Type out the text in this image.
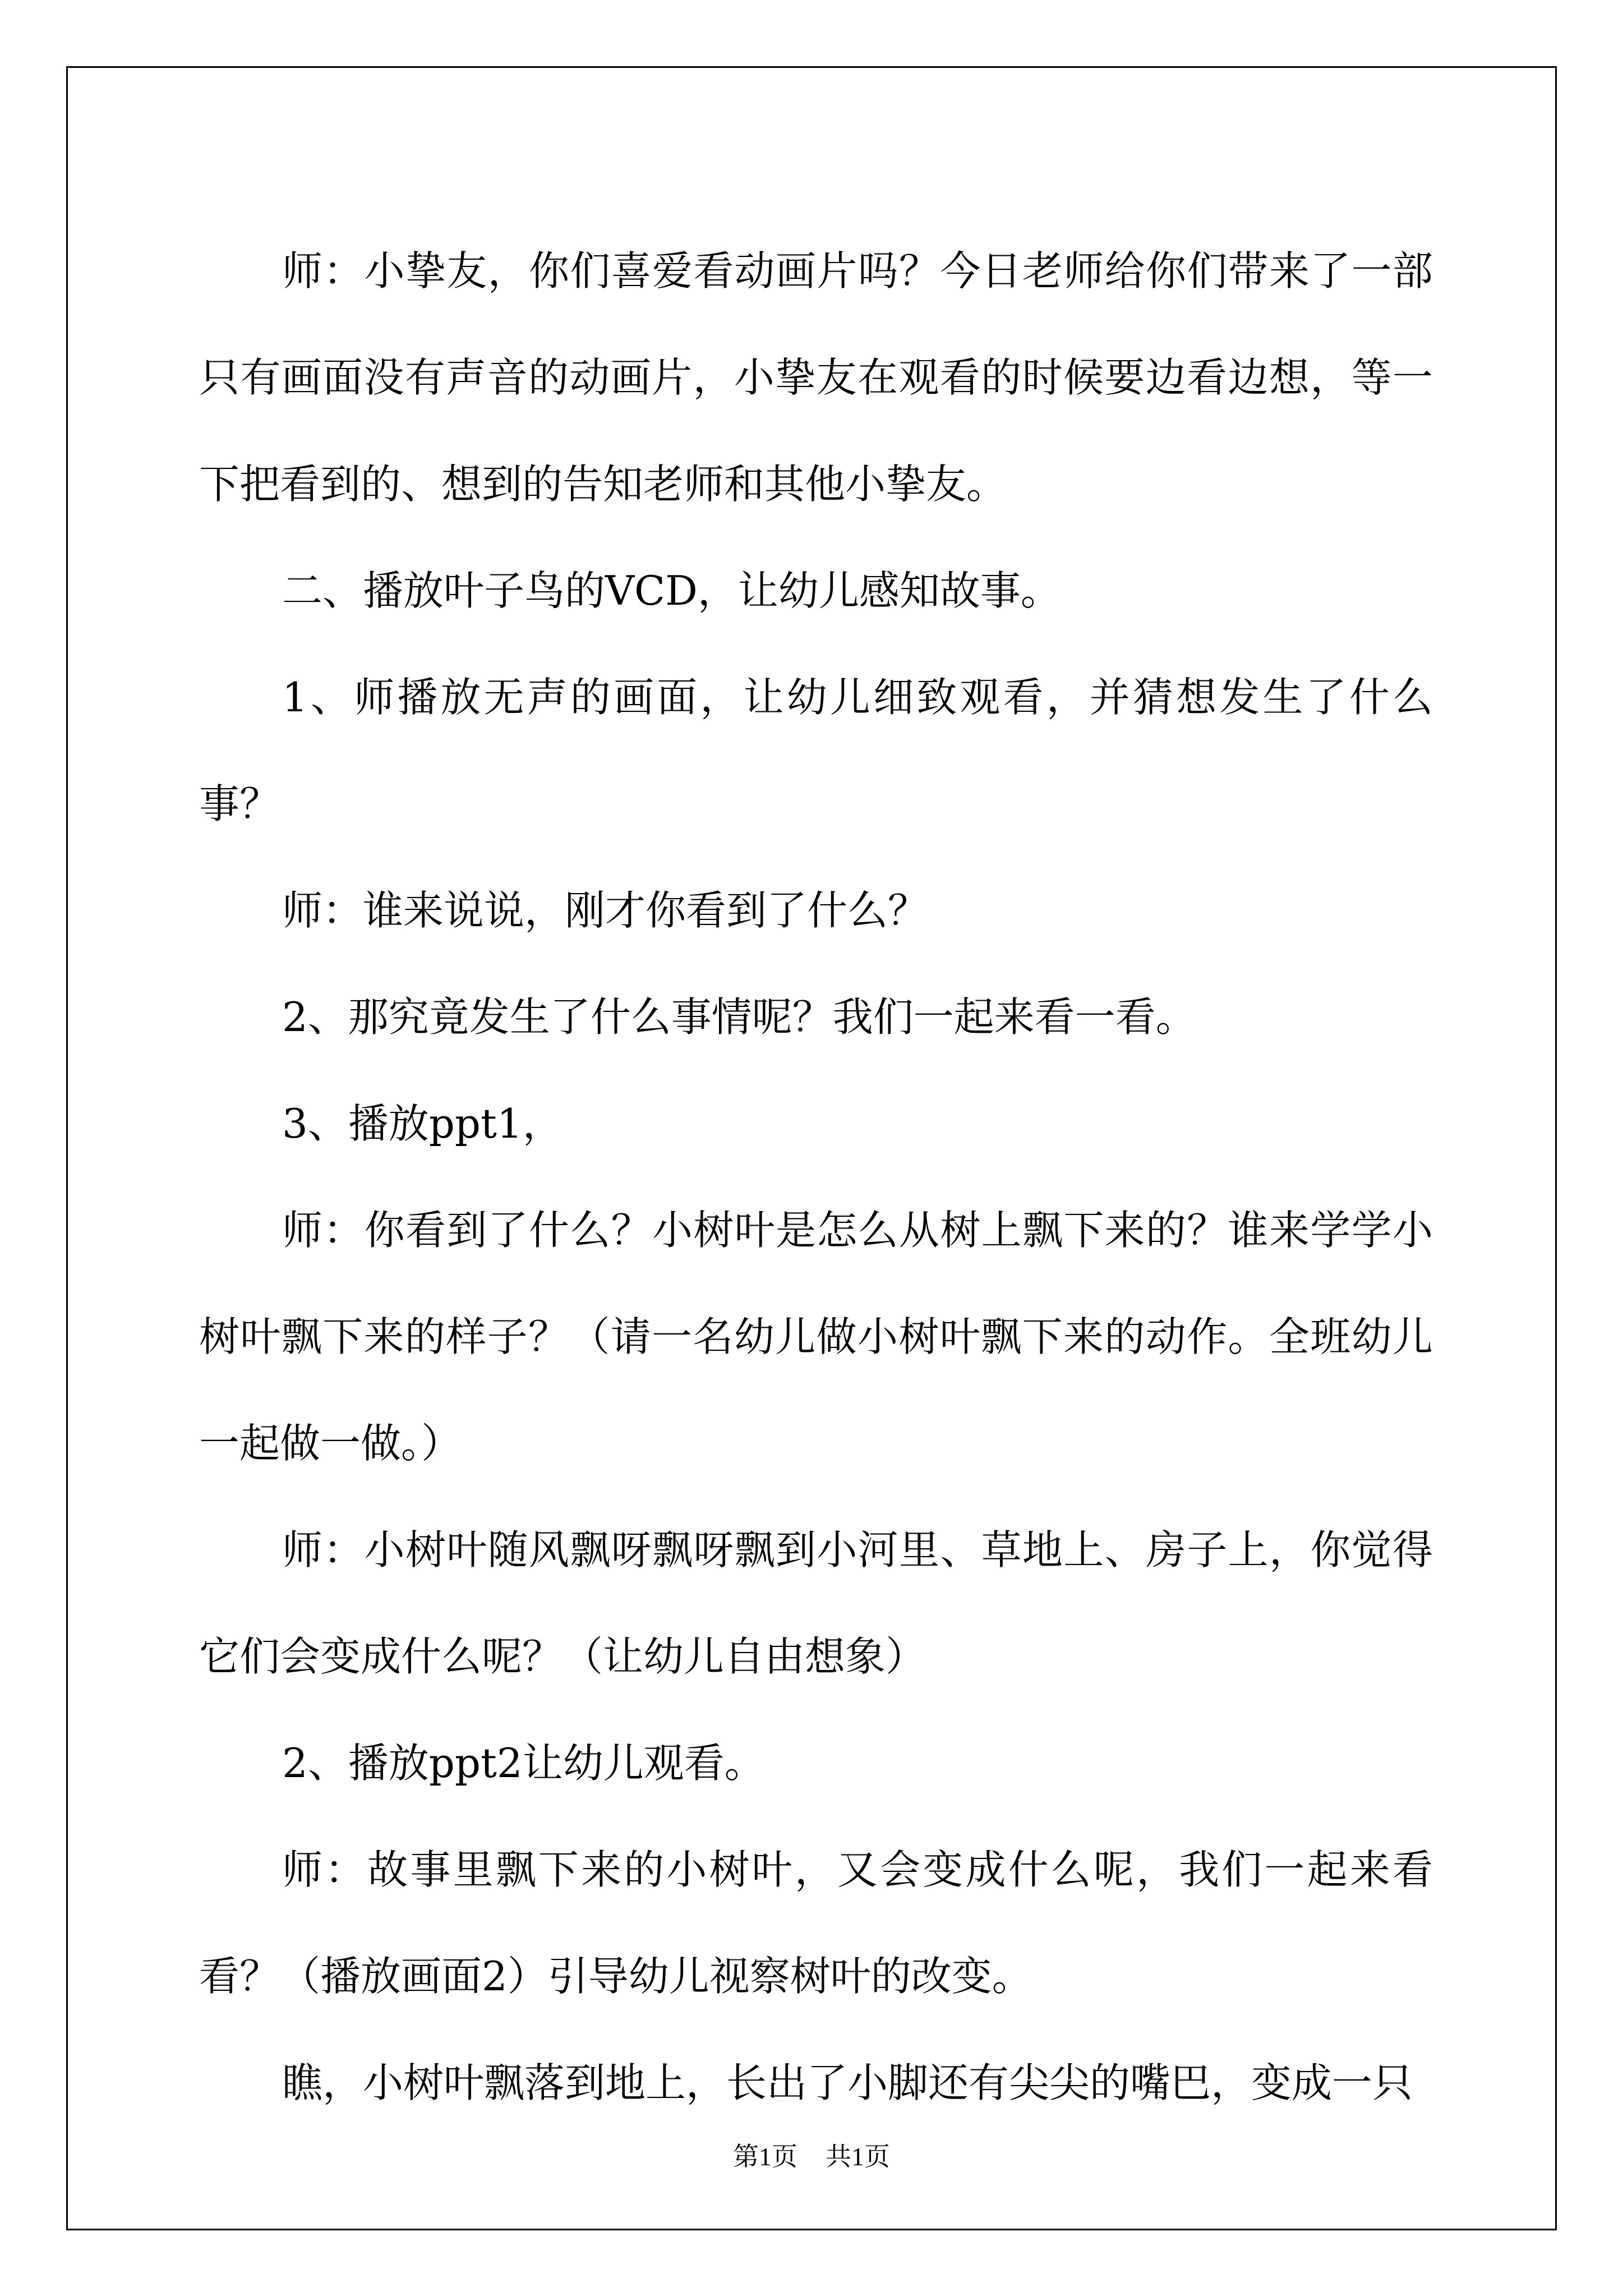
师：小挚友，你们喜爱看动画片吗？今日老师给你们带来了一部只有画面没有声音的动画片，小挚友在观看的时候要边看边想，等一下把看到的、想到的告知老师和其他小挚友。

二、播放叶子鸟的VCD，让幼儿感知故事。

1、师播放无声的画面，让幼儿细致观看，并猜想发生了什么事？

师：谁来说说，刚才你看到了什么？

2、那究竟发生了什么事情呢？我们一起来看一看。

3、播放ppt1，

师：你看到了什么？小树叶是怎么从树上飘下来的？谁来学学小树叶飘下来的样子？（请一名幼儿做小树叶飘下来的动作。全班幼儿一起做一做。）

师：小树叶随风飘呀飘呀飘到小河里、草地上、房子上，你觉得它们会变成什么呢？（让幼儿自由想象）

2、播放ppt2让幼儿观看。

师：故事里飘下来的小树叶，又会变成什么呢，我们一起来看看？（播放画面2）引导幼儿视察树叶的改变。

瞧，小树叶飘落到地上，长出了小脚还有尖尖的嘴巴，变成一只

第1页 共1页
